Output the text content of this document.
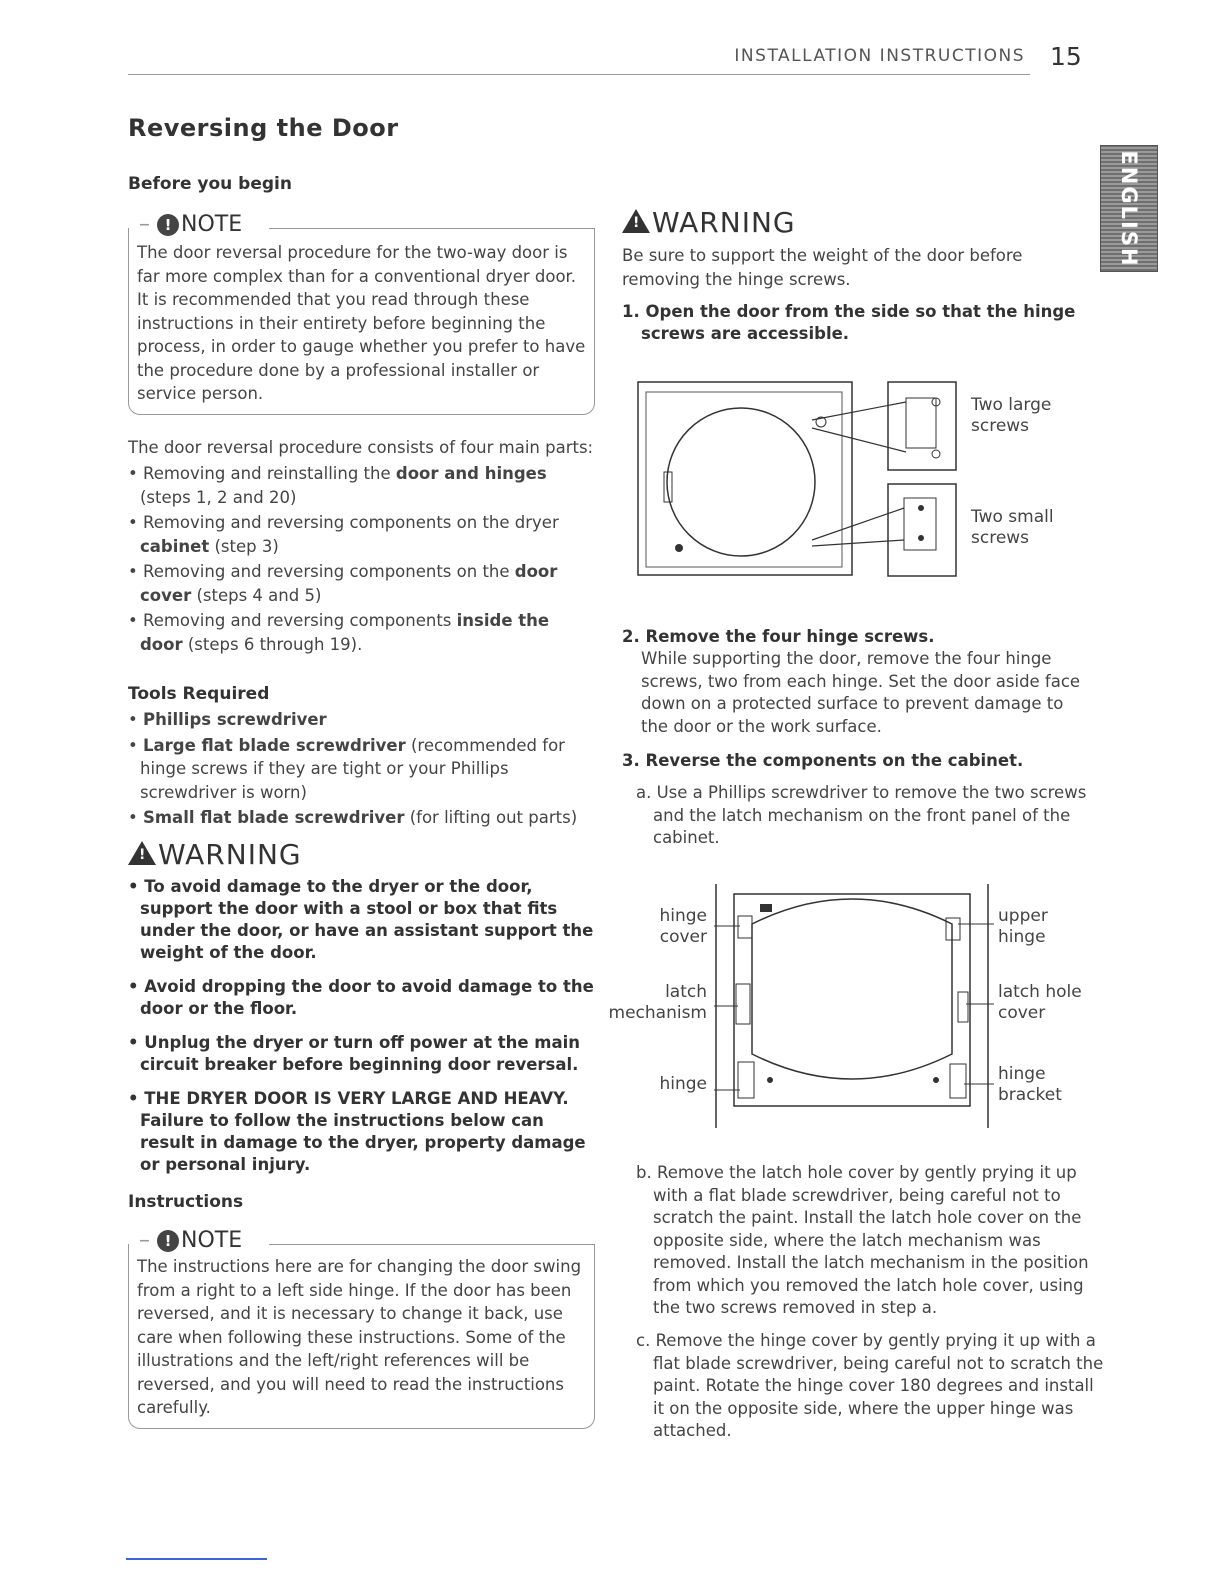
INSTALLATION INSTRUCTIONS 15
ENGLISH
Reversing the Door
Before you begin
– ! NOTE
The door reversal procedure for the two-way door is far more complex than for a conventional dryer door. It is recommended that you read through these instructions in their entirety before beginning the process, in order to gauge whether you prefer to have the procedure done by a professional installer or service person.
The door reversal procedure consists of four main parts:
• Removing and reinstalling the door and hinges (steps 1, 2 and 20)
• Removing and reversing components on the dryer cabinet (step 3)
• Removing and reversing components on the door cover (steps 4 and 5)
• Removing and reversing components inside the door (steps 6 through 19).
Tools Required
• Phillips screwdriver
• Large flat blade screwdriver (recommended for hinge screws if they are tight or your Phillips screwdriver is worn)
• Small flat blade screwdriver (for lifting out parts)
!WARNING
• To avoid damage to the dryer or the door, support the door with a stool or box that fits under the door, or have an assistant support the weight of the door.
• Avoid dropping the door to avoid damage to the door or the floor.
• Unplug the dryer or turn off power at the main circuit breaker before beginning door reversal.
• THE DRYER DOOR IS VERY LARGE AND HEAVY. Failure to follow the instructions below can result in damage to the dryer, property damage or personal injury.
Instructions
– ! NOTE
The instructions here are for changing the door swing from a right to a left side hinge. If the door has been reversed, and it is necessary to change it back, use care when following these instructions. Some of the illustrations and the left/right references will be reversed, and you will need to read the instructions carefully.
!WARNING
Be sure to support the weight of the door before removing the hinge screws.
1. Open the door from the side so that the hinge screws are accessible.
Two large screws
Two small screws
2. Remove the four hinge screws.
While supporting the door, remove the four hinge screws, two from each hinge. Set the door aside face down on a protected surface to prevent damage to the door or the work surface.
3. Reverse the components on the cabinet.
a. Use a Phillips screwdriver to remove the two screws and the latch mechanism on the front panel of the cabinet.
hinge
cover
latch
mechanism
hinge
upper
hinge
latch hole
cover
hinge
bracket
b. Remove the latch hole cover by gently prying it up with a flat blade screwdriver, being careful not to scratch the paint. Install the latch hole cover on the opposite side, where the latch mechanism was removed. Install the latch mechanism in the position from which you removed the latch hole cover, using the two screws removed in step a.
c. Remove the hinge cover by gently prying it up with a flat blade screwdriver, being careful not to scratch the paint. Rotate the hinge cover 180 degrees and install it on the opposite side, where the upper hinge was attached.
